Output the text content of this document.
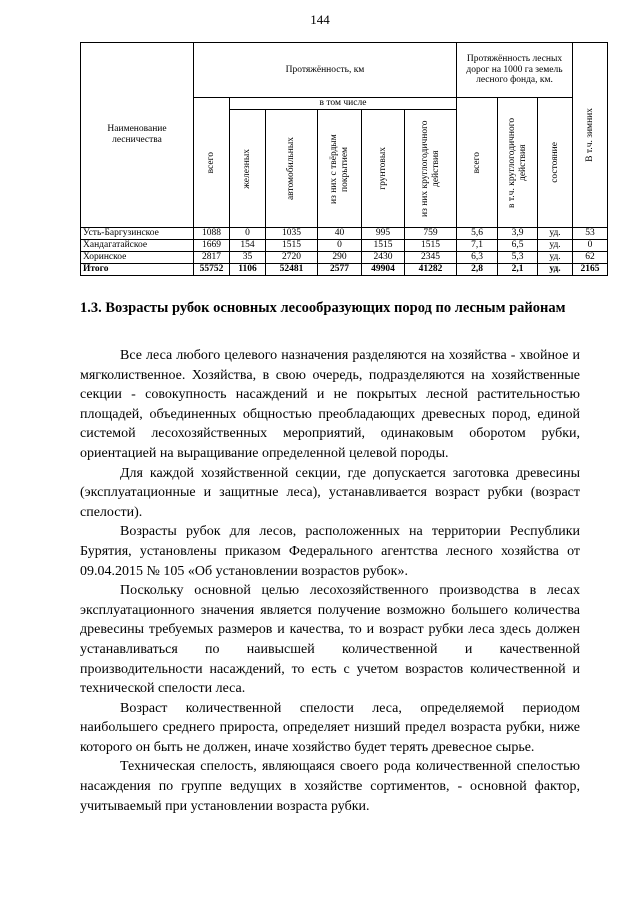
144
Наименование лесничества	Протяжённость, км						Протяжённость лесных дорог на 1000 га земель лесного фонда, км.			В т.ч. зимних

	всего	в том числе					всего	в т.ч. круглогодичного действия	состояние	

		железных	автомобильных	из них с твёрдым покрытием	грунтовых	из них круглогодичного действия				

Усть-Баргузинское	1088	0	1035	40	995	759	5,6	3,9	уд.	53
Хандагатайское	1669	154	1515	0	1515	1515	7,1	6,5	уд.	0
Хоринское	2817	35	2720	290	2430	2345	6,3	5,3	уд.	62
Итого	55752	1106	52481	2577	49904	41282	2,8	2,1	уд.	2165
1.3. Возрасты рубок основных лесообразующих пород по лесным районам

Все леса любого целевого назначения разделяются на хозяйства - хвойное и мягколиственное. Хозяйства, в свою очередь, подразделяются на хозяйственные секции - совокупность насаждений и не покрытых лесной растительностью площадей, объединенных общностью преобладающих древесных пород, единой системой лесохозяйственных мероприятий, одинаковым оборотом рубки, ориентацией на выращивание определенной целевой породы.

Для каждой хозяйственной секции, где допускается заготовка древесины (эксплуатационные и защитные леса), устанавливается возраст рубки (возраст спелости).

Возрасты рубок для лесов, расположенных на территории Республики Бурятия, установлены приказом Федерального агентства лесного хозяйства от 09.04.2015 № 105 «Об установлении возрастов рубок».

Поскольку основной целью лесохозяйственного производства в лесах эксплуатационного значения является получение возможно большего количества древесины требуемых размеров и качества, то и возраст рубки леса здесь должен устанавливаться по наивысшей количественной и качественной производительности насаждений, то есть с учетом возрастов количественной и технической спелости леса.

Возраст количественной спелости леса, определяемой периодом наибольшего среднего прироста, определяет низший предел возраста рубки, ниже которого он быть не должен, иначе хозяйство будет терять древесное сырье.

Техническая спелость, являющаяся своего рода количественной спелостью насаждения по группе ведущих в хозяйстве сортиментов, - основной фактор, учитываемый при установлении возраста рубки.
